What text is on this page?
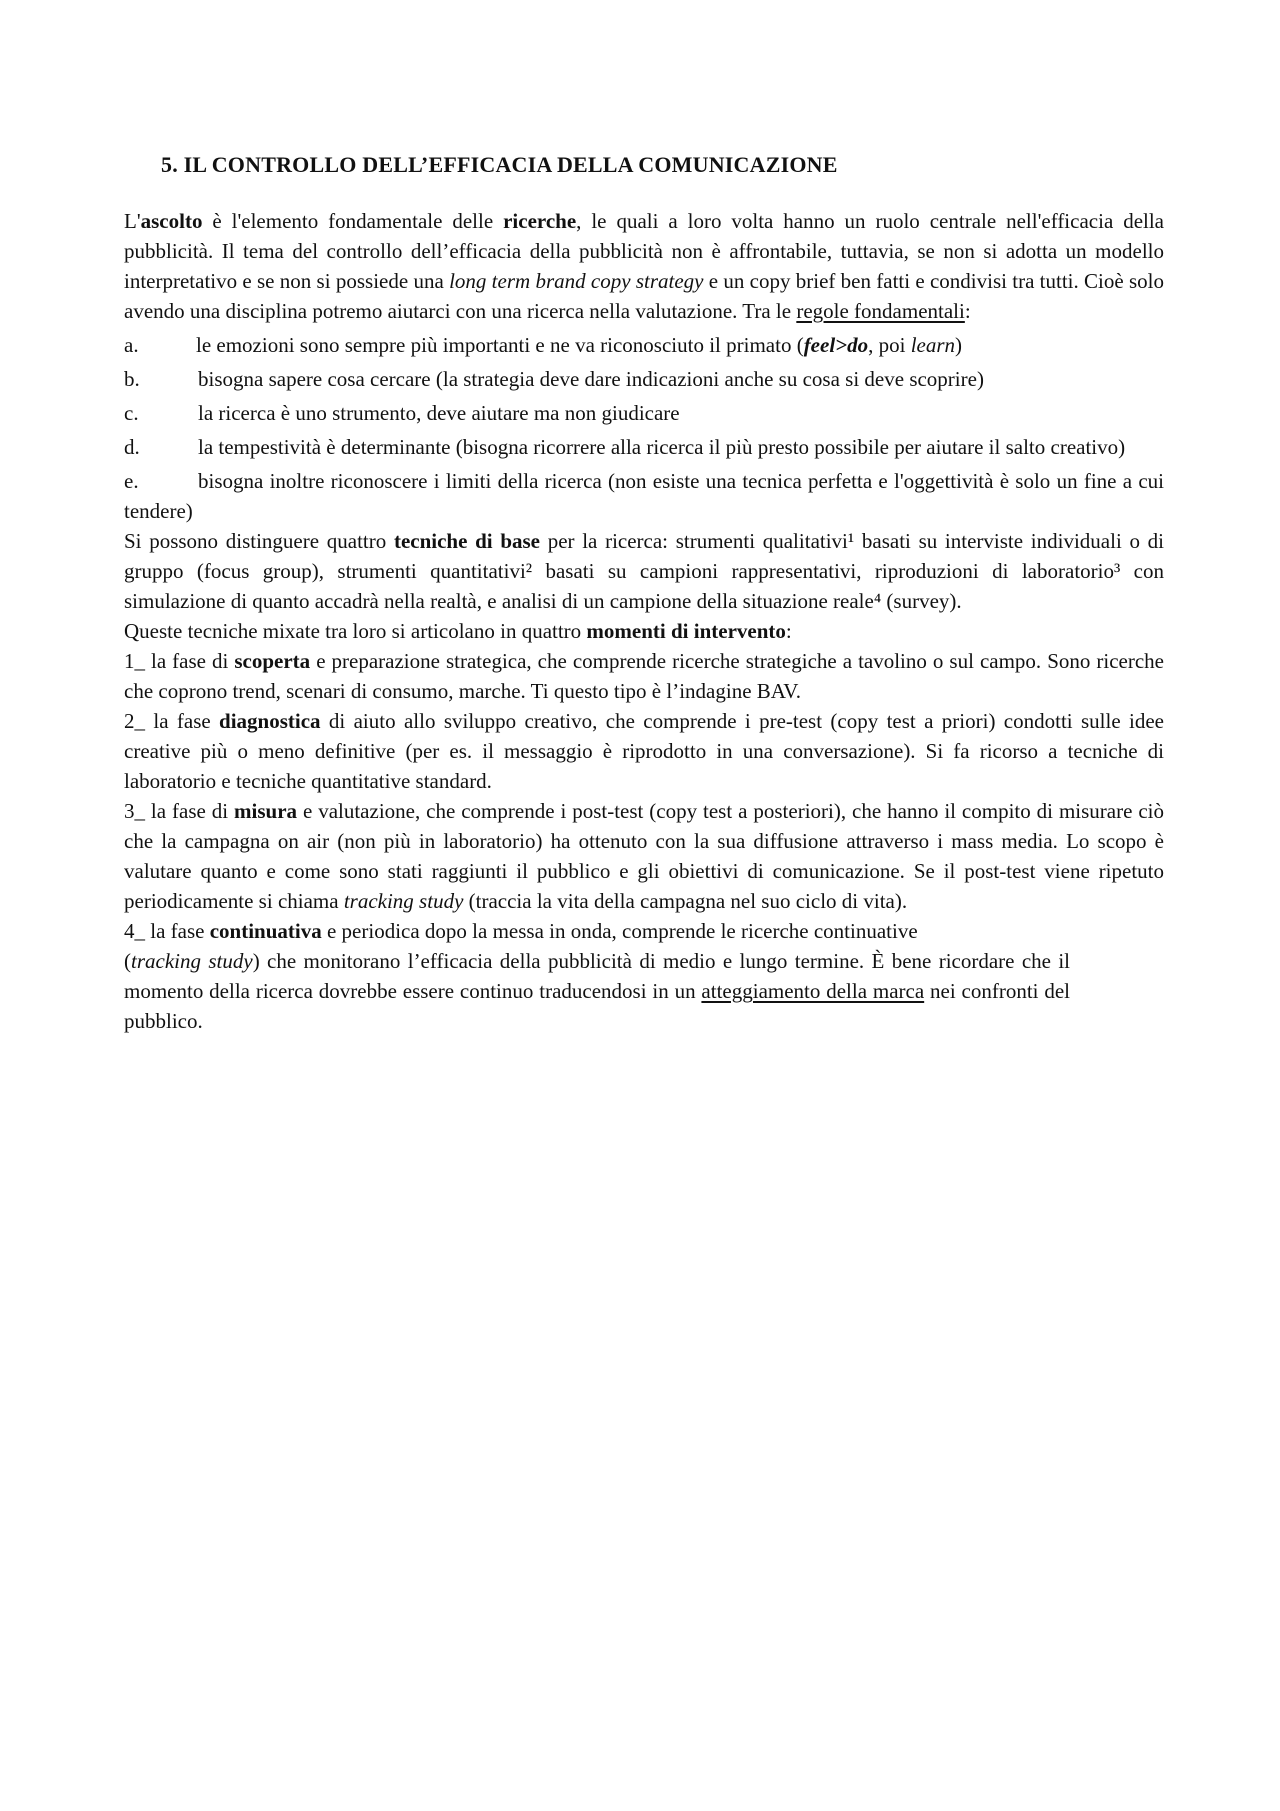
5. IL CONTROLLO DELL’EFFICACIA DELLA COMUNICAZIONE

L'ascolto è l'elemento fondamentale delle ricerche, le quali a loro volta hanno un ruolo centrale nell'efficacia della pubblicità. Il tema del controllo dell’efficacia della pubblicità non è affrontabile, tuttavia, se non si adotta un modello interpretativo e se non si possiede una long term brand copy strategy e un copy brief ben fatti e condivisi tra tutti. Cioè solo avendo una disciplina potremo aiutarci con una ricerca nella valutazione. Tra le regole fondamentali:

a.	le emozioni sono sempre più importanti e ne va riconosciuto il primato (feel>do, poi learn)
b.	bisogna sapere cosa cercare (la strategia deve dare indicazioni anche su cosa si deve scoprire)
c.	la ricerca è uno strumento, deve aiutare ma non giudicare
d.	la tempestività è determinante (bisogna ricorrere alla ricerca il più presto possibile per aiutare il salto creativo)
e.	bisogna inoltre riconoscere i limiti della ricerca (non esiste una tecnica perfetta e l'oggettività è solo un fine a cui tendere)

Si possono distinguere quattro tecniche di base per la ricerca: strumenti qualitativi¹ basati su interviste individuali o di gruppo (focus group), strumenti quantitativi² basati su campioni rappresentativi, riproduzioni di laboratorio³ con simulazione di quanto accadrà nella realtà, e analisi di un campione della situazione reale⁴ (survey).

Queste tecniche mixate tra loro si articolano in quattro momenti di intervento:

1_ la fase di scoperta e preparazione strategica, che comprende ricerche strategiche a tavolino o sul campo. Sono ricerche che coprono trend, scenari di consumo, marche. Ti questo tipo è l’indagine BAV.

2_ la fase diagnostica di aiuto allo sviluppo creativo, che comprende i pre-test (copy test a priori) condotti sulle idee creative più o meno definitive (per es. il messaggio è riprodotto in una conversazione). Si fa ricorso a tecniche di laboratorio e tecniche quantitative standard.

3_ la fase di misura e valutazione, che comprende i post-test (copy test a posteriori), che hanno il compito di misurare ciò che la campagna on air (non più in laboratorio) ha ottenuto con la sua diffusione attraverso i mass media. Lo scopo è valutare quanto e come sono stati raggiunti il pubblico e gli obiettivi di comunicazione. Se il post-test viene ripetuto periodicamente si chiama tracking study (traccia la vita della campagna nel suo ciclo di vita).

4_ la fase continuativa e periodica dopo la messa in onda, comprende le ricerche continuative

(tracking study) che monitorano l’efficacia della pubblicità di medio e lungo termine. È bene ricordare che il momento della ricerca dovrebbe essere continuo traducendosi in un atteggiamento della marca nei confronti del pubblico.
